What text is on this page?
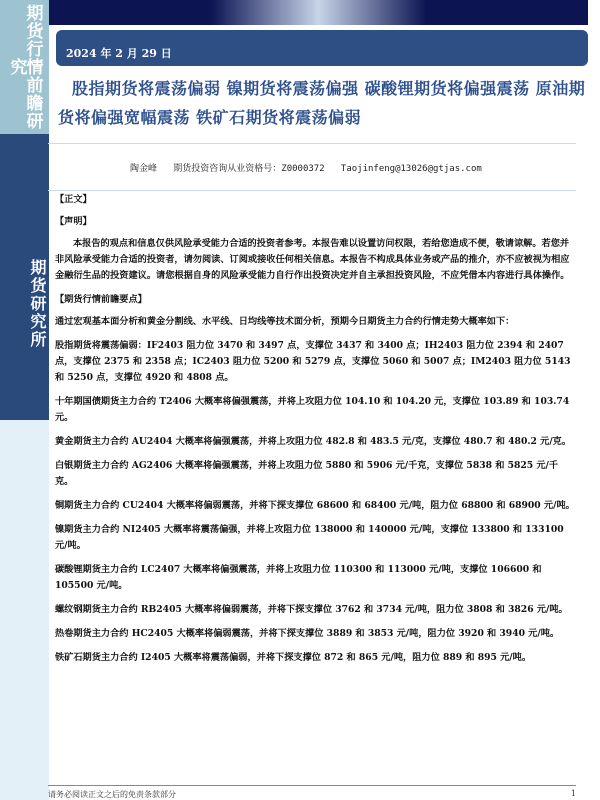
期货行情前瞻研究
期货研究所
2024 年 2 月 29 日
股指期货将震荡偏弱 镍期货将震荡偏强 碳酸锂期货将偏强震荡 原油期货将偏强宽幅震荡 铁矿石期货将震荡偏弱
陶金峰 期货投资咨询从业资格号：Z0000372 Taojinfeng@13026@gtjas.com

【正文】

【声明】

本报告的观点和信息仅供风险承受能力合适的投资者参考。本报告难以设置访问权限，若给您造成不便，敬请谅解。若您并非风险承受能力合适的投资者，请勿阅读、订阅或接收任何相关信息。本报告不构成具体业务或产品的推介，亦不应被视为相应金融衍生品的投资建议。请您根据自身的风险承受能力自行作出投资决定并自主承担投资风险，不应凭借本内容进行具体操作。

【期货行情前瞻要点】

通过宏观基本面分析和黄金分割线、水平线、日均线等技术面分析，预期今日期货主力合约行情走势大概率如下：

股指期货将震荡偏弱：IF2403 阻力位 3470 和 3497 点，支撑位 3437 和 3400 点；IH2403 阻力位 2394 和 2407 点，支撑位 2375 和 2358 点；IC2403 阻力位 5200 和 5279 点，支撑位 5060 和 5007 点；IM2403 阻力位 5143 和 5250 点，支撑位 4920 和 4808 点。

十年期国债期货主力合约 T2406 大概率将偏强震荡，并将上攻阻力位 104.10 和 104.20 元，支撑位 103.89 和 103.74 元。

黄金期货主力合约 AU2404 大概率将偏强震荡，并将上攻阻力位 482.8 和 483.5 元/克，支撑位 480.7 和 480.2 元/克。

白银期货主力合约 AG2406 大概率将偏强震荡，并将上攻阻力位 5880 和 5906 元/千克，支撑位 5838 和 5825 元/千克。

铜期货主力合约 CU2404 大概率将偏弱震荡，并将下探支撑位 68600 和 68400 元/吨，阻力位 68800 和 68900 元/吨。

镍期货主力合约 NI2405 大概率将震荡偏强，并将上攻阻力位 138000 和 140000 元/吨，支撑位 133800 和 133100 元/吨。

碳酸锂期货主力合约 LC2407 大概率将偏强震荡，并将上攻阻力位 110300 和 113000 元/吨，支撑位 106600 和 105500 元/吨。

螺纹钢期货主力合约 RB2405 大概率将偏弱震荡，并将下探支撑位 3762 和 3734 元/吨，阻力位 3808 和 3826 元/吨。

热卷期货主力合约 HC2405 大概率将偏弱震荡，并将下探支撑位 3889 和 3853 元/吨，阻力位 3920 和 3940 元/吨。

铁矿石期货主力合约 I2405 大概率将震荡偏弱，并将下探支撑位 872 和 865 元/吨，阻力位 889 和 895 元/吨。

请务必阅读正文之后的免责条款部分	1
